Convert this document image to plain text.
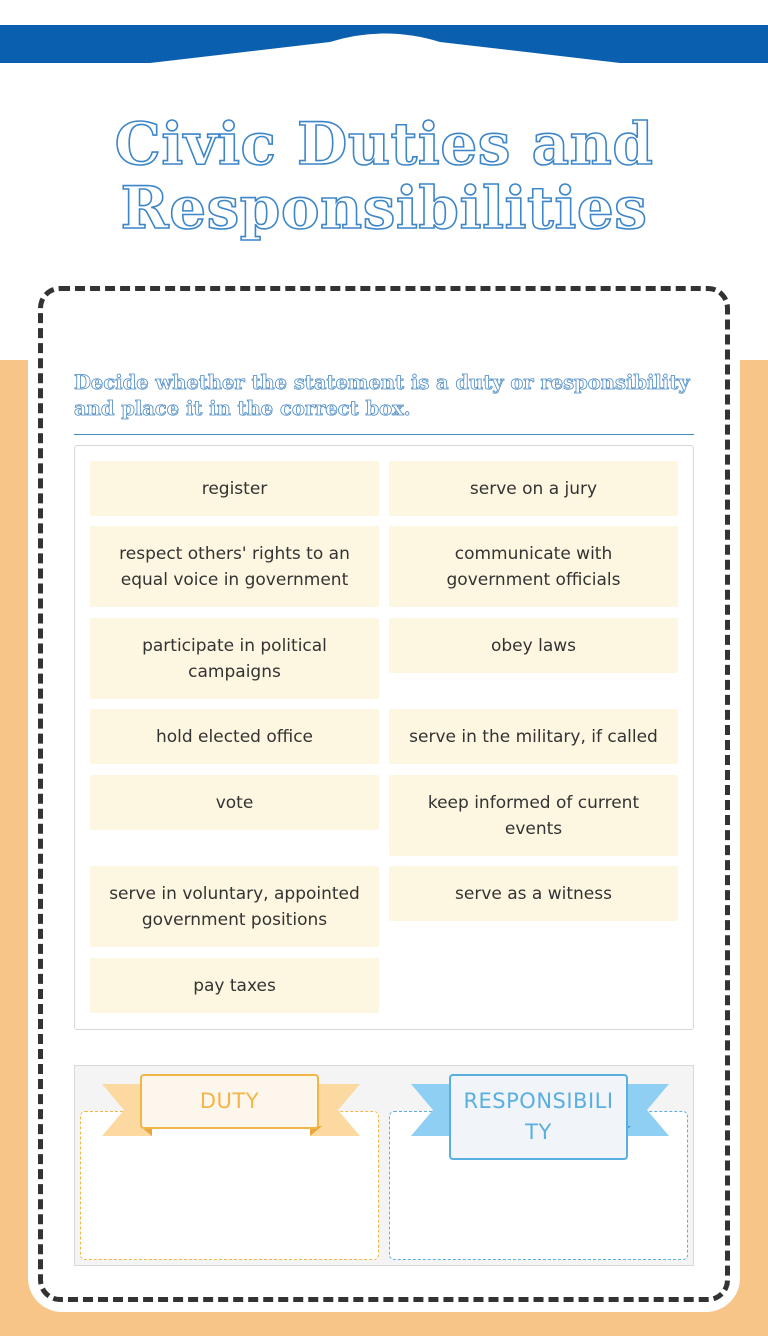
Civic Duties and
Responsibilities
Decide whether the statement is a duty or responsibility and place it in the correct box.
register	serve on a jury
respect others' rights to an equal voice in government
communicate with government officials
participate in political campaigns
obey laws
hold elected office	serve in the military, if called
vote	keep informed of current events
serve in voluntary, appointed government positions
serve as a witness
pay taxes
DUTY	RESPONSIBILITY
